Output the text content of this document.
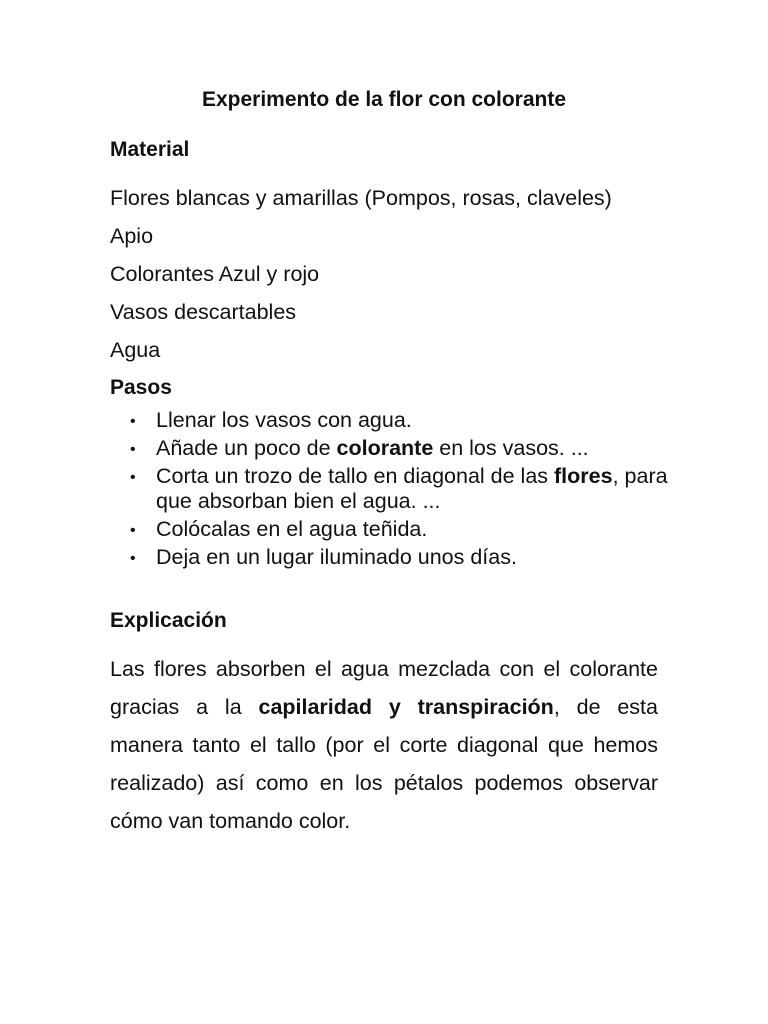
Experimento de la flor con colorante
Material
Flores blancas y amarillas (Pompos, rosas, claveles)
Apio
Colorantes Azul y rojo
Vasos descartables
Agua
Pasos
• Llenar los vasos con agua.
• Añade un poco de colorante en los vasos. ...
• Corta un trozo de tallo en diagonal de las flores, para que absorban bien el agua. ...
• Colócalas en el agua teñida.
• Deja en un lugar iluminado unos días.
Explicación

Las flores absorben el agua mezclada con el colorante gracias a la capilaridad y transpiración, de esta manera tanto el tallo (por el corte diagonal que hemos realizado) así como en los pétalos podemos observar cómo van tomando color.
